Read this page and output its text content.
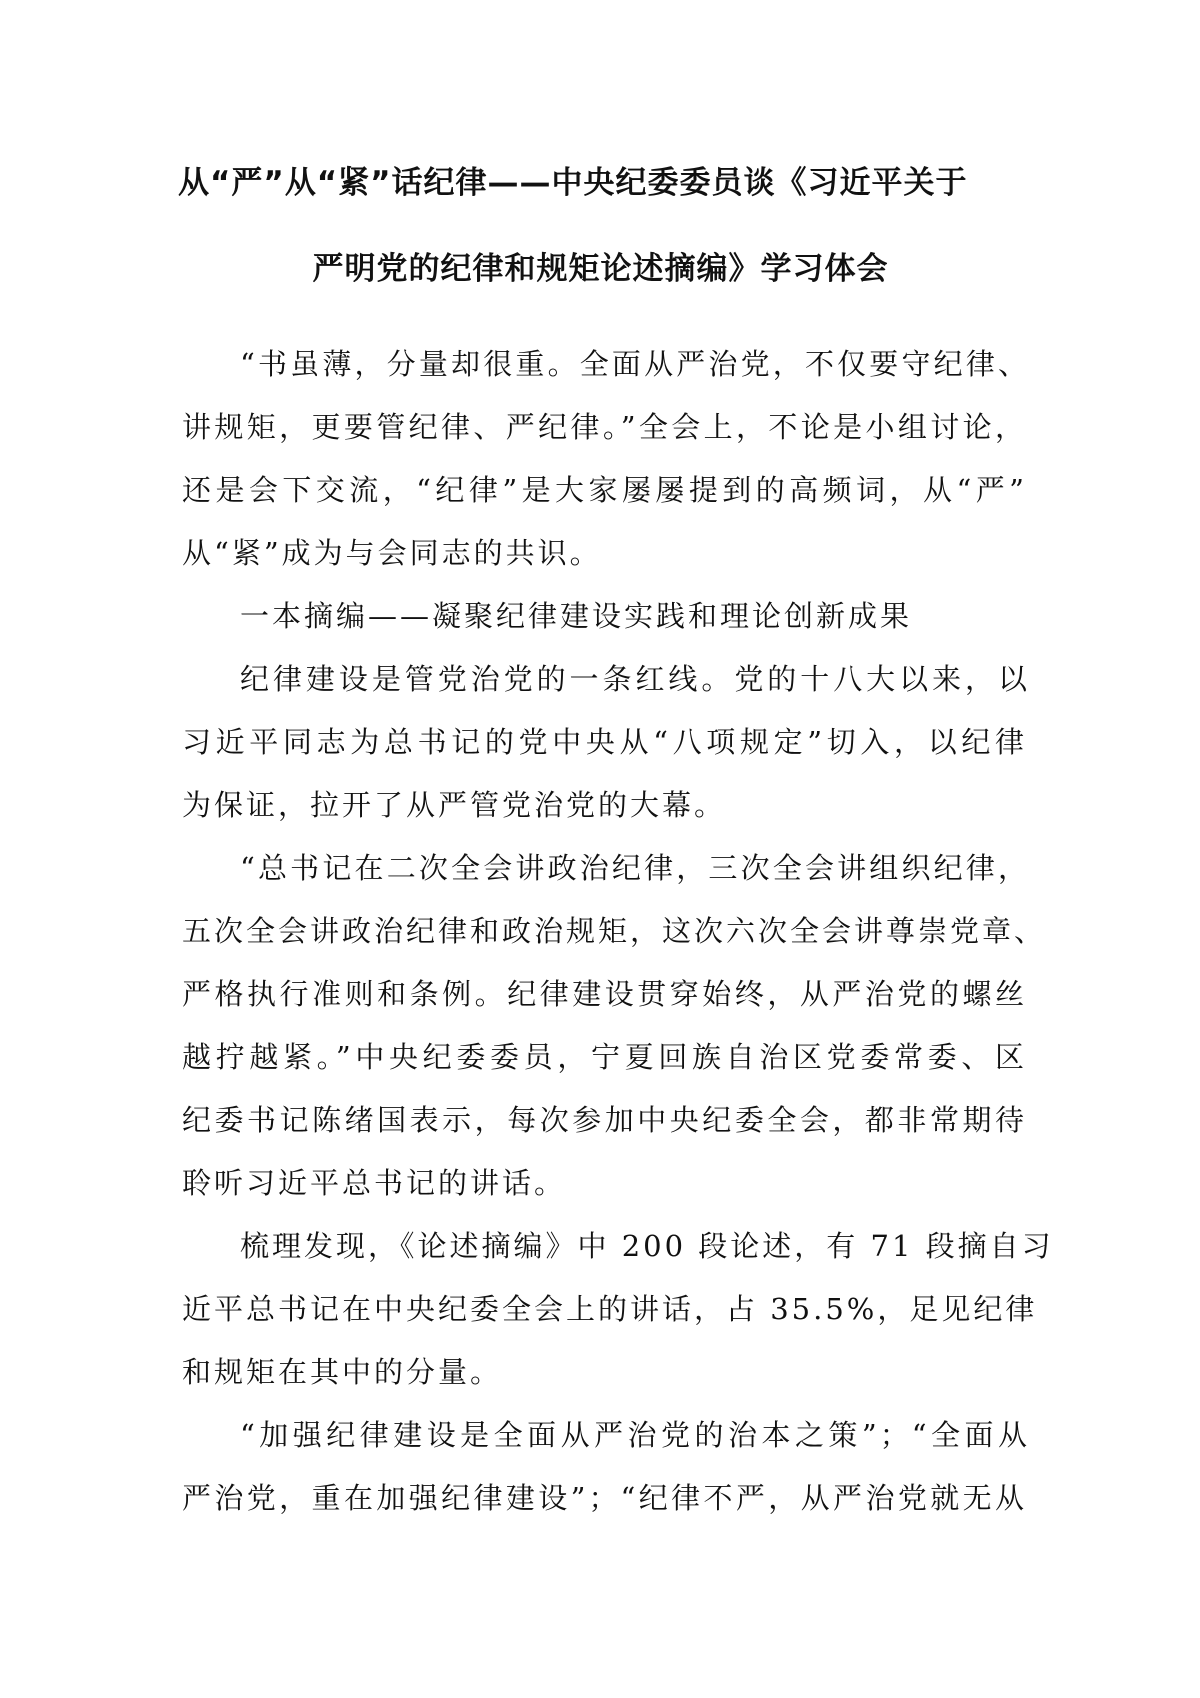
从“严”从“紧”话纪律——中央纪委委员谈《习近平关于
严明党的纪律和规矩论述摘编》学习体会
“书虽薄，分量却很重。全面从严治党，不仅要守纪律、
讲规矩，更要管纪律、严纪律。”全会上，不论是小组讨论，
还是会下交流，“纪律”是大家屡屡提到的高频词，从“严”
从“紧”成为与会同志的共识。
一本摘编——凝聚纪律建设实践和理论创新成果
纪律建设是管党治党的一条红线。党的十八大以来，以
习近平同志为总书记的党中央从“八项规定”切入，以纪律
为保证，拉开了从严管党治党的大幕。
“总书记在二次全会讲政治纪律，三次全会讲组织纪律，
五次全会讲政治纪律和政治规矩，这次六次全会讲尊崇党章、
严格执行准则和条例。纪律建设贯穿始终，从严治党的螺丝
越拧越紧。”中央纪委委员，宁夏回族自治区党委常委、区
纪委书记陈绪国表示，每次参加中央纪委全会，都非常期待
聆听习近平总书记的讲话。
梳理发现，《论述摘编》中 200 段论述，有 71 段摘自习
近平总书记在中央纪委全会上的讲话，占 35.5%，足见纪律
和规矩在其中的分量。
“加强纪律建设是全面从严治党的治本之策”；“全面从
严治党，重在加强纪律建设”；“纪律不严，从严治党就无从
